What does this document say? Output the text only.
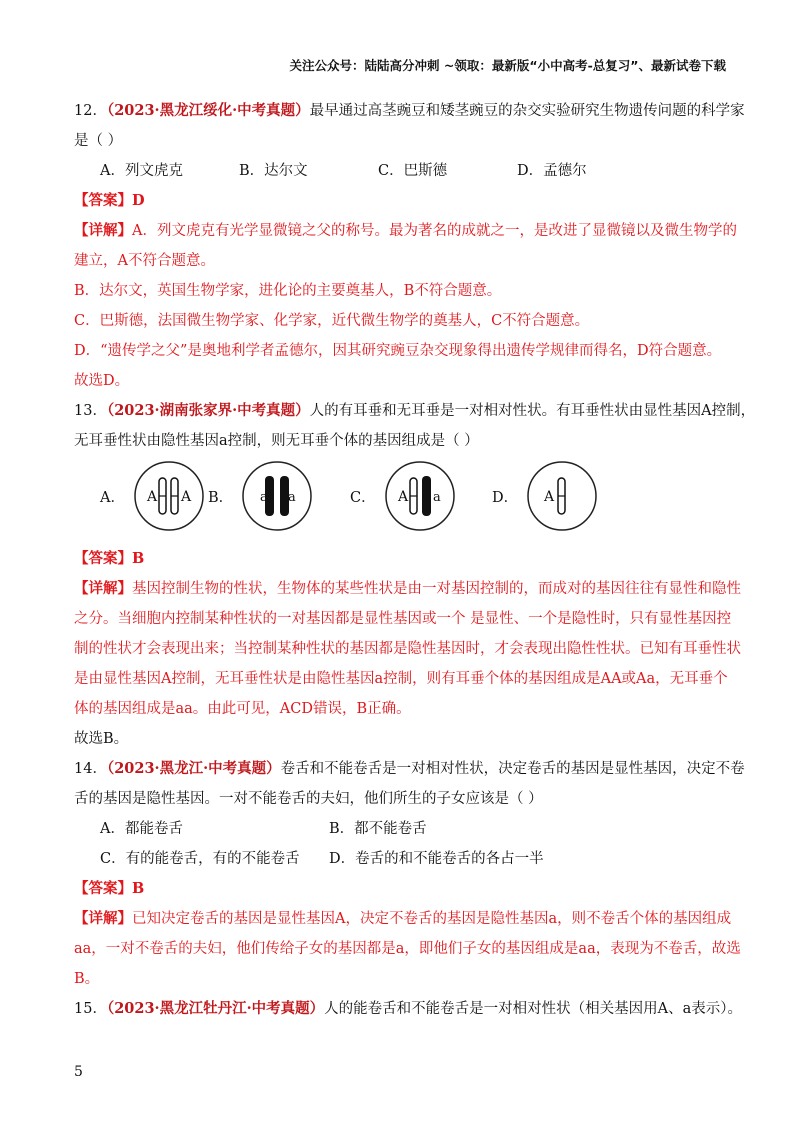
关注公众号：陆陆高分冲刺 ~领取：最新版“小中高考-总复习”、最新试卷下载
12．（2023·黑龙江绥化·中考真题）最早通过高茎豌豆和矮茎豌豆的杂交实验研究生物遗传问题的科学家
是（ ）
A．列文虎克	B．达尔文	C．巴斯德	D．孟德尔
【答案】D
【详解】A．列文虎克有光学显微镜之父的称号。最为著名的成就之一，是改进了显微镜以及微生物学的
建立，A不符合题意。
B．达尔文，英国生物学家，进化论的主要奠基人，B不符合题意。
C．巴斯德，法国微生物学家、化学家，近代微生物学的奠基人，C不符合题意。
D．“遗传学之父”是奥地利学者孟德尔，因其研究豌豆杂交现象得出遗传学规律而得名，D符合题意。
故选D。
13．（2023·湖南张家界·中考真题）人的有耳垂和无耳垂是一对相对性状。有耳垂性状由显性基因A控制，
无耳垂性状由隐性基因a控制，则无耳垂个体的基因组成是（ ）
A． A A B． a a	C． A a	D． A
【答案】B
【详解】基因控制生物的性状，生物体的某些性状是由一对基因控制的，而成对的基因往往有显性和隐性
之分。当细胞内控制某种性状的一对基因都是显性基因或一个 是显性、一个是隐性时，只有显性基因控
制的性状才会表现出来；当控制某种性状的基因都是隐性基因时，才会表现出隐性性状。已知有耳垂性状
是由显性基因A控制，无耳垂性状是由隐性基因a控制，则有耳垂个体的基因组成是AA或Aa，无耳垂个
体的基因组成是aa。由此可见，ACD错误，B正确。
故选B。
14．（2023·黑龙江·中考真题）卷舌和不能卷舌是一对相对性状，决定卷舌的基因是显性基因，决定不卷
舌的基因是隐性基因。一对不能卷舌的夫妇，他们所生的子女应该是（ ）
A．都能卷舌	B．都不能卷舌
C．有的能卷舌，有的不能卷舌	D．卷舌的和不能卷舌的各占一半
【答案】B
【详解】已知决定卷舌的基因是显性基因A，决定不卷舌的基因是隐性基因a，则不卷舌个体的基因组成
aa，一对不卷舌的夫妇，他们传给子女的基因都是a，即他们子女的基因组成是aa，表现为不卷舌，故选
B。
15．（2023·黑龙江牡丹江·中考真题）人的能卷舌和不能卷舌是一对相对性状（相关基因用A、a表示）。
5
